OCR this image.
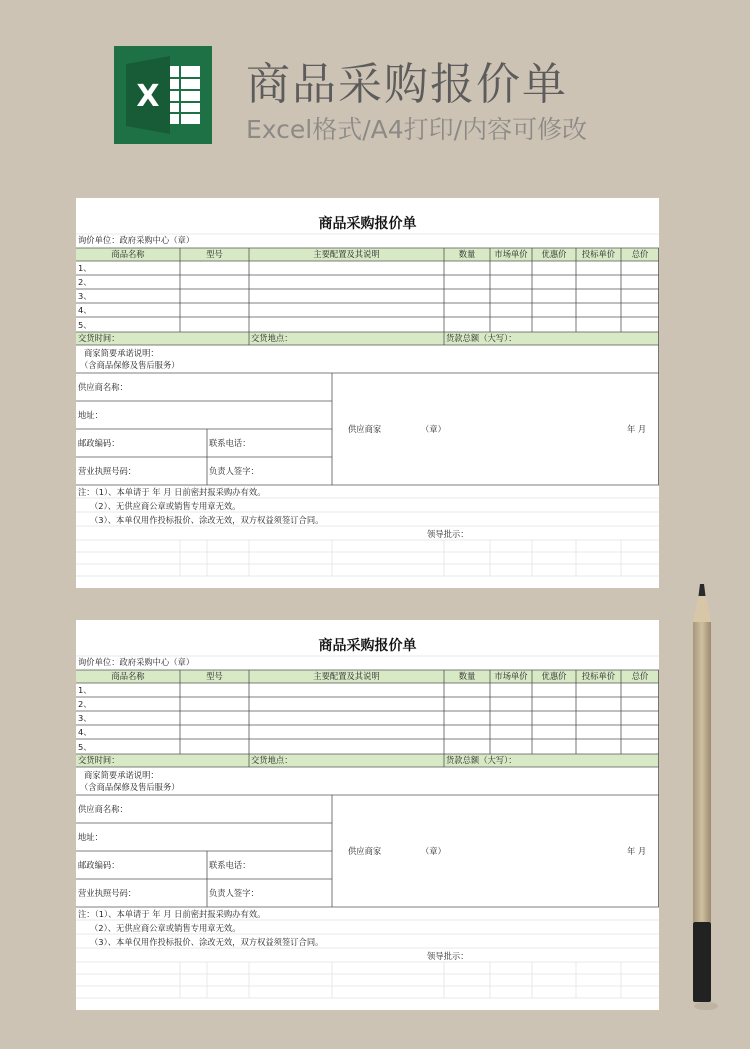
X 商品采购报价单
Excel格式/A4打印/内容可修改
商品采购报价单
询价单位：政府采购中心（章）
商品名称	型号	主要配置及其说明	数量	市场单价	优惠价	投标单价	总价
1、
2、
3、
4、
5、
交货时间：	交货地点：	货款总额（大写）：
商家简要承诺说明：
（含商品保修及售后服务）
供应商名称：
地址：
邮政编码：	联系电话：
营业执照号码：	负责人签字：
供应商家	（章）	年 月
注：（1）、本单请于 年 月 日前密封报采购办有效。
（2）、无供应商公章或销售专用章无效。
（3）、本单仅用作投标报价、涂改无效，双方权益须签订合同。
领导批示：
商品采购报价单
询价单位：政府采购中心（章）
商品名称	型号	主要配置及其说明	数量	市场单价	优惠价	投标单价	总价
1、
2、
3、
4、
5、
交货时间：	交货地点：	货款总额（大写）：
商家简要承诺说明：
（含商品保修及售后服务）
供应商名称：
地址：
邮政编码：	联系电话：
营业执照号码：	负责人签字：
供应商家	（章）	年 月
注：（1）、本单请于 年 月 日前密封报采购办有效。
（2）、无供应商公章或销售专用章无效。
（3）、本单仅用作投标报价、涂改无效，双方权益须签订合同。
领导批示：
